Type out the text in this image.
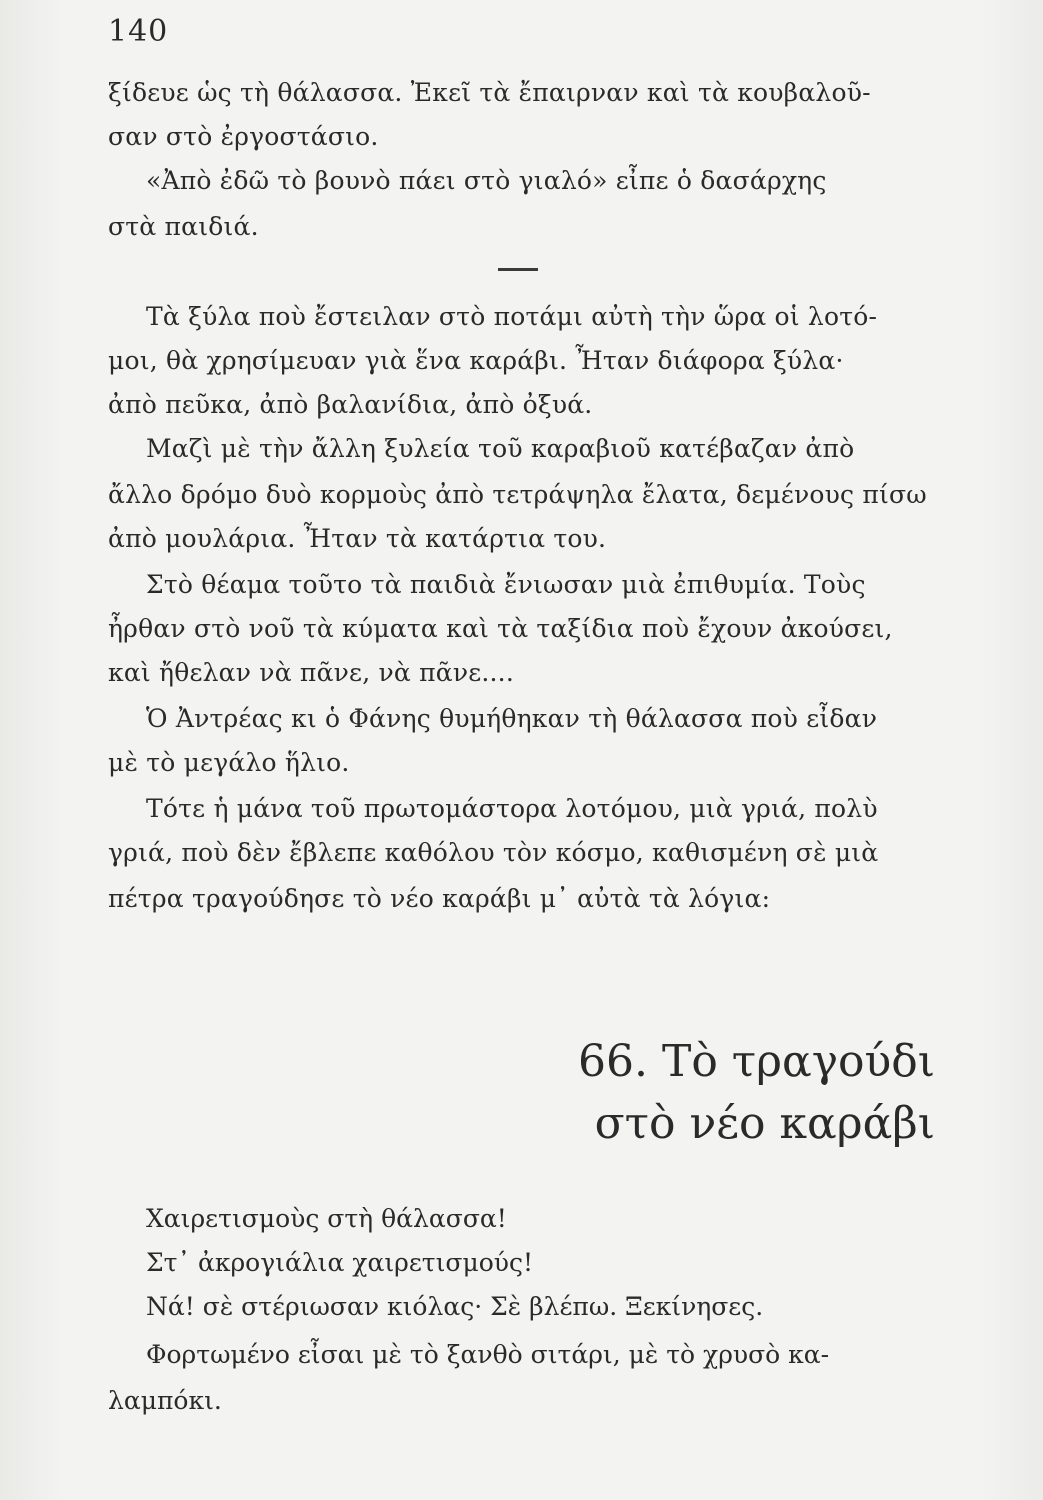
140
ξίδευε ὡς τὴ θάλασσα. Ἐκεῖ τὰ ἔπαιρναν καὶ τὰ κουβαλοῦ-
σαν στὸ ἐργοστάσιο.
«Ἀπὸ ἐδῶ τὸ βουνὸ πάει στὸ γιαλό» εἶπε ὁ δασάρχης
στὰ παιδιά.
Τὰ ξύλα ποὺ ἔστειλαν στὸ ποτάμι αὐτὴ τὴν ὥρα οἱ λοτό-
μοι, θὰ χρησίμευαν γιὰ ἕνα καράβι. Ἦταν διάφορα ξύλα·
ἀπὸ πεῦκα, ἀπὸ βαλανίδια, ἀπὸ ὀξυά.
Μαζὶ μὲ τὴν ἄλλη ξυλεία τοῦ καραβιοῦ κατέβαζαν ἀπὸ
ἄλλο δρόμο δυὸ κορμοὺς ἀπὸ τετράψηλα ἔλατα, δεμένους πίσω
ἀπὸ μουλάρια. Ἦταν τὰ κατάρτια του.
Στὸ θέαμα τοῦτο τὰ παιδιὰ ἔνιωσαν μιὰ ἐπιθυμία. Τοὺς
ἦρθαν στὸ νοῦ τὰ κύματα καὶ τὰ ταξίδια ποὺ ἔχουν ἀκούσει,
καὶ ἤθελαν νὰ πᾶνε, νὰ πᾶνε....
Ὁ Ἀντρέας κι ὁ Φάνης θυμήθηκαν τὴ θάλασσα ποὺ εἶδαν
μὲ τὸ μεγάλο ἥλιο.
Τότε ἡ μάνα τοῦ πρωτομάστορα λοτόμου, μιὰ γριά, πολὺ
γριά, ποὺ δὲν ἔβλεπε καθόλου τὸν κόσμο, καθισμένη σὲ μιὰ
πέτρα τραγούδησε τὸ νέο καράβι μ᾽ αὐτὰ τὰ λόγια:
66. Τὸ τραγούδι
στὸ νέο καράβι
Χαιρετισμοὺς στὴ θάλασσα!
Στ᾽ ἀκρογιάλια χαιρετισμούς!
Νά! σὲ στέριωσαν κιόλας· Σὲ βλέπω. Ξεκίνησες.
Φορτωμένο εἶσαι μὲ τὸ ξανθὸ σιτάρι, μὲ τὸ χρυσὸ κα-
λαμπόκι.
